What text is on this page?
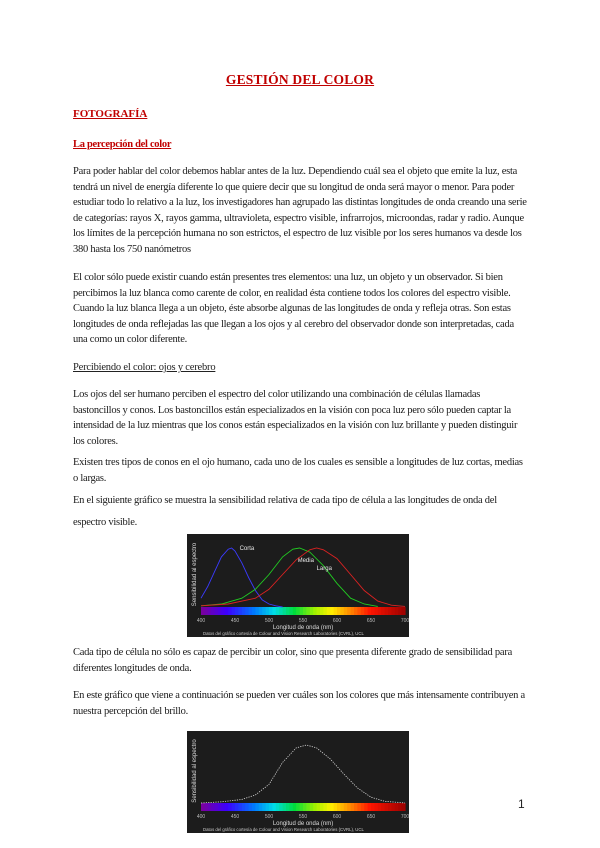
GESTIÓN DEL COLOR
FOTOGRAFÍA
La percepción del color

Para poder hablar del color debemos hablar antes de la luz. Dependiendo cuál sea el objeto que emite la luz, esta tendrá un nivel de energía diferente lo que quiere decir que su longitud de onda será mayor o menor. Para poder estudiar todo lo relativo a la luz, los investigadores han agrupado las distintas longitudes de onda creando una serie de categorías: rayos X, rayos gamma, ultravioleta, espectro visible, infrarrojos, microondas, radar y radio. Aunque los límites de la percepción humana no son estrictos, el espectro de luz visible por los seres humanos va desde los 380 hasta los 750 nanómetros

El color sólo puede existir cuando están presentes tres elementos: una luz, un objeto y un observador. Si bien percibimos la luz blanca como carente de color, en realidad ésta contiene todos los colores del espectro visible. Cuando la luz blanca llega a un objeto, éste absorbe algunas de las longitudes de onda y refleja otras. Son estas longitudes de onda reflejadas las que llegan a los ojos y al cerebro del observador donde son interpretadas, cada una como un color diferente.

Percibiendo el color: ojos y cerebro

Los ojos del ser humano perciben el espectro del color utilizando una combinación de células llamadas bastoncillos y conos. Los bastoncillos están especializados en la visión con poca luz pero sólo pueden captar la intensidad de la luz mientras que los conos están especializados en la visión con luz brillante y pueden distinguir los colores.

Existen tres tipos de conos en el ojo humano, cada uno de los cuales es sensible a longitudes de luz cortas, medias o largas.

En el siguiente gráfico se muestra la sensibilidad relativa de cada tipo de célula a las longitudes de onda del espectro visible.

400	450	500	550	600	650	700
Longitud de onda (nm)
Datos del gráfico cortesía de Colour and Vision Research Laboratories (CVRL), UCL
Sensibilidad al espectro	Corta
Media
Larga

Cada tipo de célula no sólo es capaz de percibir un color, sino que presenta diferente grado de sensibilidad para diferentes longitudes de onda.

En este gráfico que viene a continuación se pueden ver cuáles son los colores que más intensamente contribuyen a nuestra percepción del brillo.

400	450	500	550	600	650	700
Longitud de onda (nm)
Datos del gráfico cortesía de Colour and Vision Research Laboratories (CVRL), UCL
Sensibilidad al espectro
1
